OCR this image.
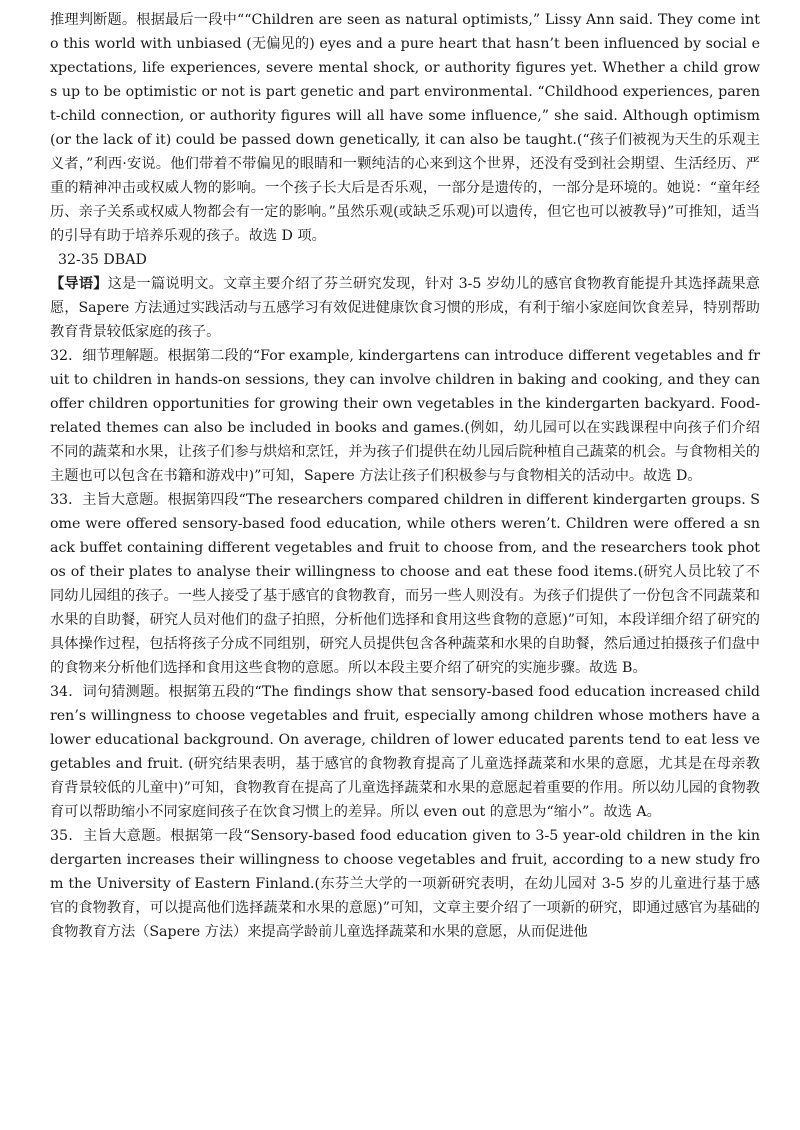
推理判断题。根据最后一段中““Children are seen as natural optimists,” Lissy Ann said. They come into this world with unbiased (无偏见的) eyes and a pure heart that hasn’t been influenced by social expectations, life experiences, severe mental shock, or authority figures yet. Whether a child grows up to be optimistic or not is part genetic and part environmental. “Childhood experiences, parent-child connection, or authority figures will all have some influence,” she said. Although optimism (or the lack of it) could be passed down genetically, it can also be taught.(“孩子们被视为天生的乐观主义者，”利西·安说。他们带着不带偏见的眼睛和一颗纯洁的心来到这个世界，还没有受到社会期望、生活经历、严重的精神冲击或权威人物的影响。一个孩子长大后是否乐观，一部分是遗传的，一部分是环境的。她说：“童年经历、亲子关系或权威人物都会有一定的影响。”虽然乐观(或缺乏乐观)可以遗传，但它也可以被教导)”可推知，适当的引导有助于培养乐观的孩子。故选 D 项。

32-35 DBAD

【导语】这是一篇说明文。文章主要介绍了芬兰研究发现，针对 3-5 岁幼儿的感官食物教育能提升其选择蔬果意愿，Sapere 方法通过实践活动与五感学习有效促进健康饮食习惯的形成，有利于缩小家庭间饮食差异，特别帮助教育背景较低家庭的孩子。

32．细节理解题。根据第二段的“For example, kindergartens can introduce different vegetables and fruit to children in hands-on sessions, they can involve children in baking and cooking, and they can offer children opportunities for growing their own vegetables in the kindergarten backyard. Food-related themes can also be included in books and games.(例如，幼儿园可以在实践课程中向孩子们介绍不同的蔬菜和水果，让孩子们参与烘焙和烹饪，并为孩子们提供在幼儿园后院种植自己蔬菜的机会。与食物相关的主题也可以包含在书籍和游戏中)”可知，Sapere 方法让孩子们积极参与与食物相关的活动中。故选 D。

33．主旨大意题。根据第四段“The researchers compared children in different kindergarten groups. Some were offered sensory-based food education, while others weren’t. Children were offered a snack buffet containing different vegetables and fruit to choose from, and the researchers took photos of their plates to analyse their willingness to choose and eat these food items.(研究人员比较了不同幼儿园组的孩子。一些人接受了基于感官的食物教育，而另一些人则没有。为孩子们提供了一份包含不同蔬菜和水果的自助餐，研究人员对他们的盘子拍照，分析他们选择和食用这些食物的意愿)”可知，本段详细介绍了研究的具体操作过程，包括将孩子分成不同组别，研究人员提供包含各种蔬菜和水果的自助餐，然后通过拍摄孩子们盘中的食物来分析他们选择和食用这些食物的意愿。所以本段主要介绍了研究的实施步骤。故选 B。

34．词句猜测题。根据第五段的“The findings show that sensory-based food education increased children’s willingness to choose vegetables and fruit, especially among children whose mothers have a lower educational background. On average, children of lower educated parents tend to eat less vegetables and fruit. (研究结果表明，基于感官的食物教育提高了儿童选择蔬菜和水果的意愿，尤其是在母亲教育背景较低的儿童中)”可知，食物教育在提高了儿童选择蔬菜和水果的意愿起着重要的作用。所以幼儿园的食物教育可以帮助缩小不同家庭间孩子在饮食习惯上的差异。所以 even out 的意思为“缩小”。故选 A。

35．主旨大意题。根据第一段“Sensory-based food education given to 3-5 year-old children in the kindergarten increases their willingness to choose vegetables and fruit, according to a new study from the University of Eastern Finland.(东芬兰大学的一项新研究表明，在幼儿园对 3-5 岁的儿童进行基于感官的食物教育，可以提高他们选择蔬菜和水果的意愿)”可知，文章主要介绍了一项新的研究，即通过感官为基础的食物教育方法（Sapere 方法）来提高学龄前儿童选择蔬菜和水果的意愿，从而促进他
